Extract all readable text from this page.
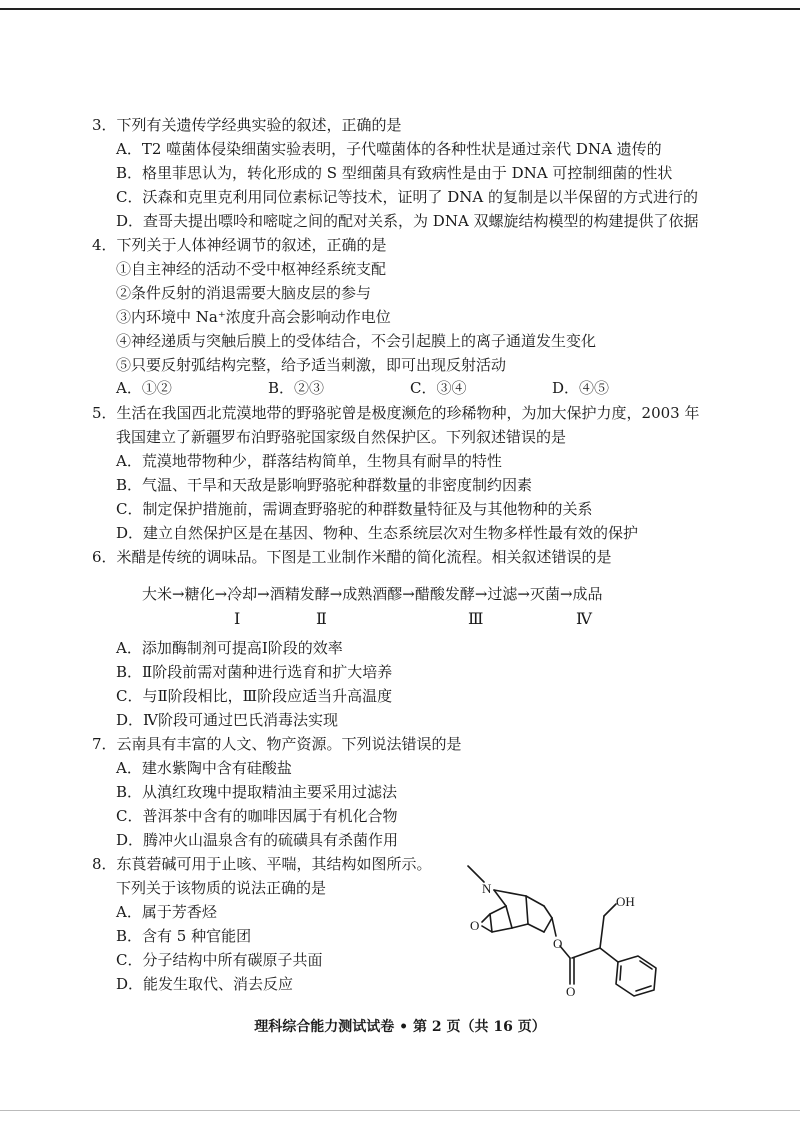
3．下列有关遗传学经典实验的叙述，正确的是
A．T2 噬菌体侵染细菌实验表明，子代噬菌体的各种性状是通过亲代 DNA 遗传的
B．格里菲思认为，转化形成的 S 型细菌具有致病性是由于 DNA 可控制细菌的性状
C．沃森和克里克利用同位素标记等技术，证明了 DNA 的复制是以半保留的方式进行的
D．查哥夫提出嘌呤和嘧啶之间的配对关系，为 DNA 双螺旋结构模型的构建提供了依据
4．下列关于人体神经调节的叙述，正确的是
①自主神经的活动不受中枢神经系统支配
②条件反射的消退需要大脑皮层的参与
③内环境中 Na⁺浓度升高会影响动作电位
④神经递质与突触后膜上的受体结合，不会引起膜上的离子通道发生变化
⑤只要反射弧结构完整，给予适当刺激，即可出现反射活动
A．①②	B．②③	C．③④	D．④⑤
5．生活在我国西北荒漠地带的野骆驼曾是极度濒危的珍稀物种，为加大保护力度，2003 年
我国建立了新疆罗布泊野骆驼国家级自然保护区。下列叙述错误的是
A．荒漠地带物种少，群落结构简单，生物具有耐旱的特性
B．气温、干旱和天敌是影响野骆驼种群数量的非密度制约因素
C．制定保护措施前，需调查野骆驼的种群数量特征及与其他物种的关系
D．建立自然保护区是在基因、物种、生态系统层次对生物多样性最有效的保护
6．米醋是传统的调味品。下图是工业制作米醋的简化流程。相关叙述错误的是
大米→糖化→冷却→酒精发酵→成熟酒醪→醋酸发酵→过滤→灭菌→成品
Ⅰ	Ⅱ	Ⅲ	Ⅳ
A．添加酶制剂可提高Ⅰ阶段的效率
B．Ⅱ阶段前需对菌种进行选育和扩大培养
C．与Ⅱ阶段相比，Ⅲ阶段应适当升高温度
D．Ⅳ阶段可通过巴氏消毒法实现
7．云南具有丰富的人文、物产资源。下列说法错误的是
A．建水紫陶中含有硅酸盐
B．从滇红玫瑰中提取精油主要采用过滤法
C．普洱茶中含有的咖啡因属于有机化合物
D．腾冲火山温泉含有的硫磺具有杀菌作用
8．东莨菪碱可用于止咳、平喘，其结构如图所示。
下列关于该物质的说法正确的是
A．属于芳香烃
B．含有 5 种官能团
C．分子结构中所有碳原子共面
D．能发生取代、消去反应
N
O
O
O
OH
理科综合能力测试试卷 • 第 2 页（共 16 页）
